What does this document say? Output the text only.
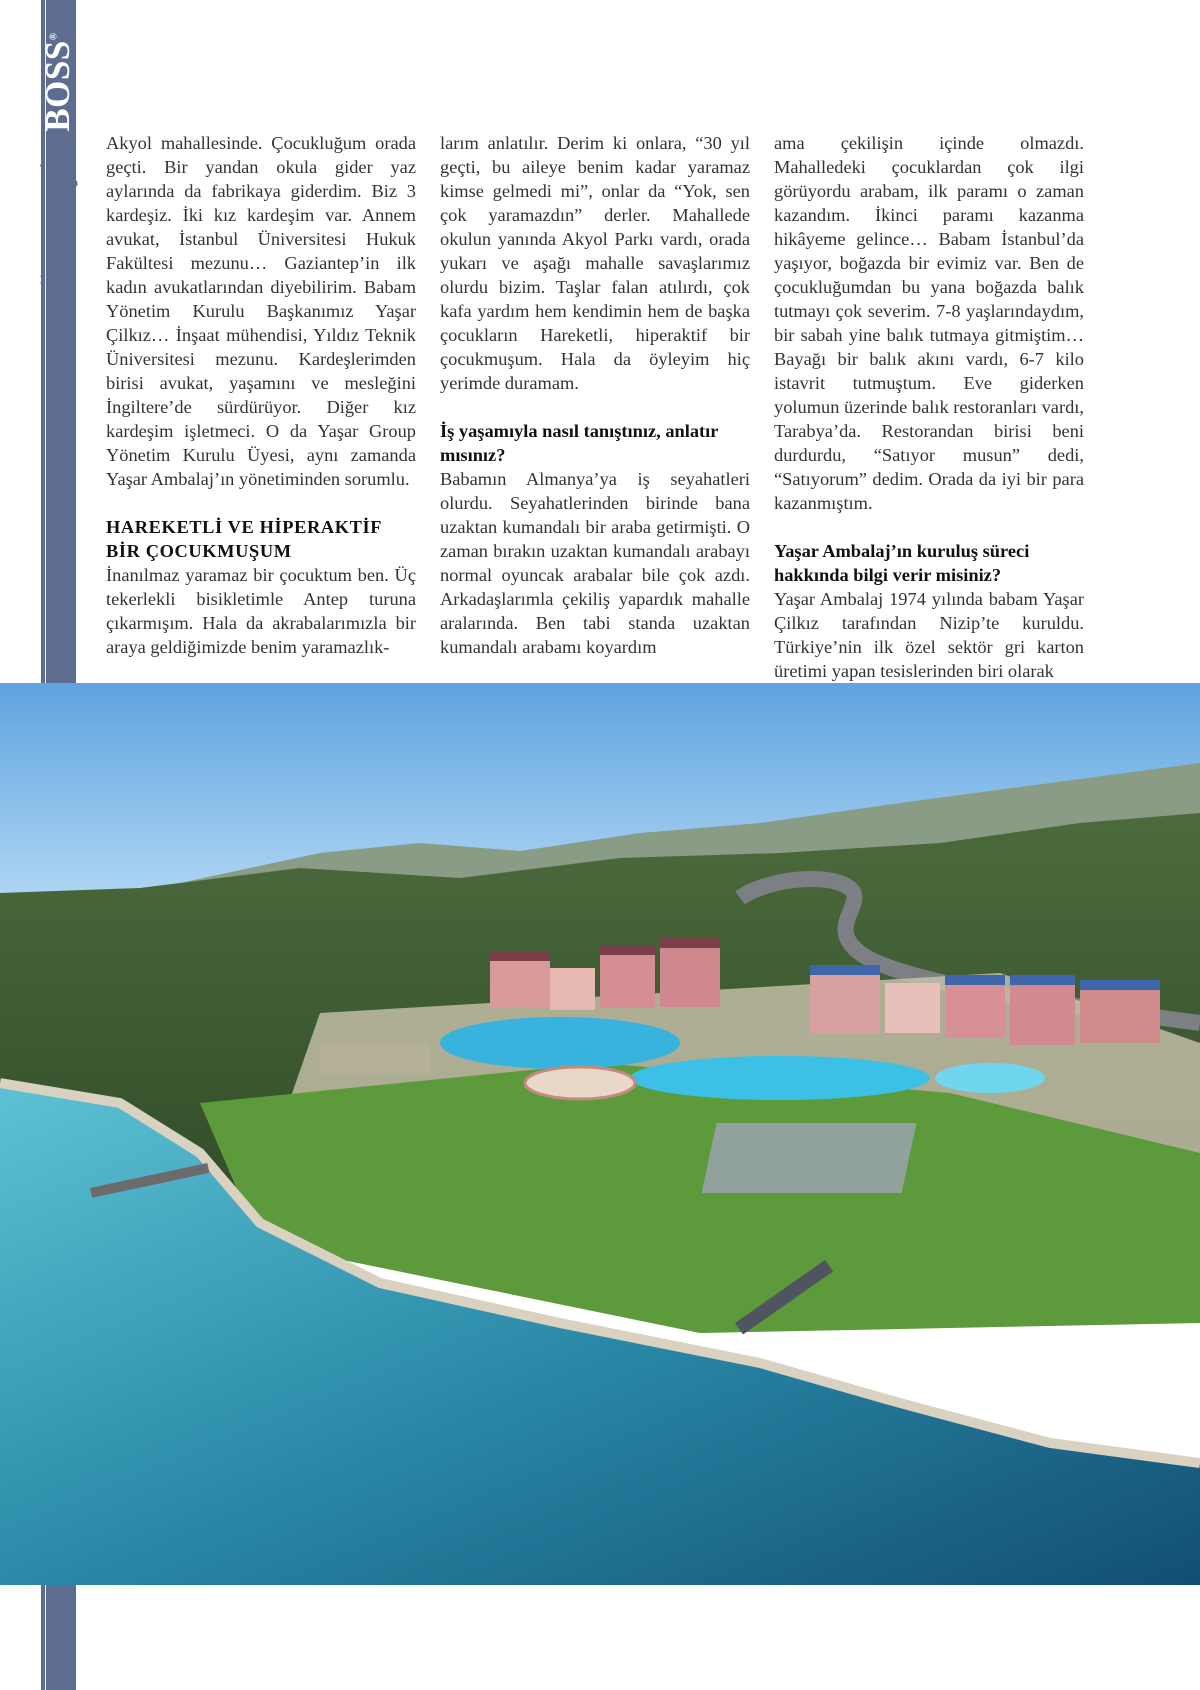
BOSS®
SÖYLEŞİ
52

Akyol mahallesinde. Çocukluğum orada geçti. Bir yandan okula gider yaz aylarında da fabrikaya giderdim. Biz 3 kardeşiz. İki kız kardeşim var. Annem avukat, İstanbul Üniversitesi Hukuk Fakültesi mezunu… Gaziantep’in ilk kadın avukatlarından diyebilirim. Babam Yönetim Kurulu Başkanımız Yaşar Çilkız… İnşaat mühendisi, Yıldız Teknik Üniversitesi mezunu. Kardeşlerimden birisi avukat, yaşamını ve mesleğini İngiltere’de sürdürüyor. Diğer kız kardeşim işletmeci. O da Yaşar Group Yönetim Kurulu Üyesi, aynı zamanda Yaşar Ambalaj’ın yönetiminden sorumlu.

HAREKETLİ VE HİPERAKTİF BİR ÇOCUKMUŞUM

İnanılmaz yaramaz bir çocuktum ben. Üç tekerlekli bisikletimle Antep turuna çıkarmışım. Hala da akrabalarımızla bir araya geldiğimizde benim yaramazlık-

larım anlatılır. Derim ki onlara, “30 yıl geçti, bu aileye benim kadar yaramaz kimse gelmedi mi”, onlar da “Yok, sen çok yaramazdın” derler. Mahallede okulun yanında Akyol Parkı vardı, orada yukarı ve aşağı mahalle savaşlarımız olurdu bizim. Taşlar falan atılırdı, çok kafa yardım hem kendimin hem de başka çocukların Hareketli, hiperaktif bir çocukmuşum. Hala da öyleyim hiç yerimde duramam.

İş yaşamıyla nasıl tanıştınız, anlatır mısınız?

Babamın Almanya’ya iş seyahatleri olurdu. Seyahatlerinden birinde bana uzaktan kumandalı bir araba getirmişti. O zaman bırakın uzaktan kumandalı arabayı normal oyuncak arabalar bile çok azdı. Arkadaşlarımla çekiliş yapardık mahalle aralarında. Ben tabi standa uzaktan kumandalı arabamı koyardım

ama çekilişin içinde olmazdı. Mahalledeki çocuklardan çok ilgi görüyordu arabam, ilk paramı o zaman kazandım. İkinci paramı kazanma hikâyeme gelince… Babam İstanbul’da yaşıyor, boğazda bir evimiz var. Ben de çocukluğumdan bu yana boğazda balık tutmayı çok severim. 7-8 yaşlarındaydım, bir sabah yine balık tutmaya gitmiştim… Bayağı bir balık akını vardı, 6-7 kilo istavrit tutmuştum. Eve giderken yolumun üzerinde balık restoranları vardı, Tarabya’da. Restorandan birisi beni durdurdu, “Satıyor musun” dedi, “Satıyorum” dedim. Orada da iyi bir para kazanmıştım.

Yaşar Ambalaj’ın kuruluş süreci hakkında bilgi verir misiniz?

Yaşar Ambalaj 1974 yılında babam Yaşar Çilkız tarafından Nizip’te kuruldu. Türkiye’nin ilk özel sektör gri karton üretimi yapan tesislerinden biri olarak
